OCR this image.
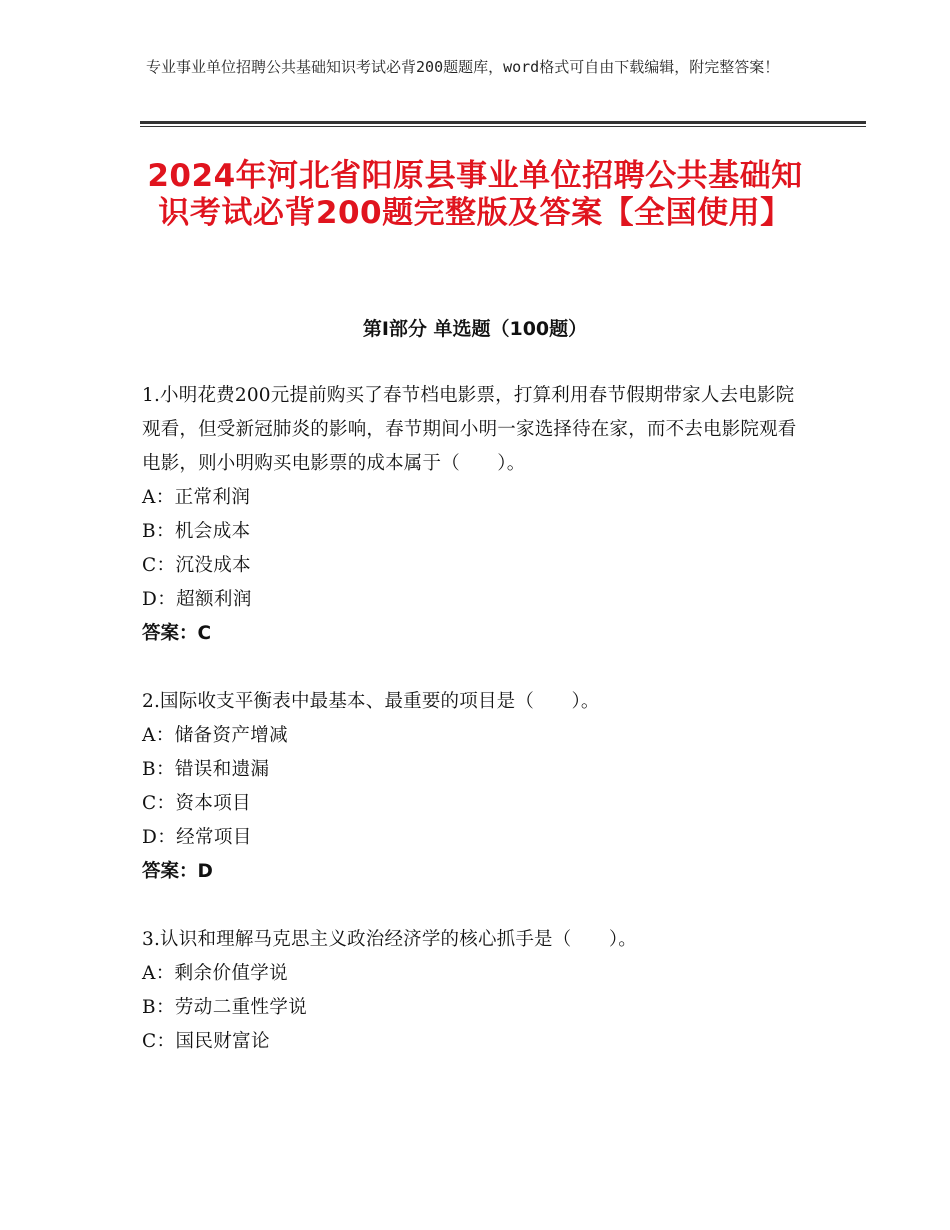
专业事业单位招聘公共基础知识考试必背200题题库，word格式可自由下载编辑，附完整答案！
2024年河北省阳原县事业单位招聘公共基础知识考试必背200题完整版及答案【全国使用】
第I部分 单选题（100题）
1.小明花费200元提前购买了春节档电影票，打算利用春节假期带家人去电影院观看，但受新冠肺炎的影响，春节期间小明一家选择待在家，而不去电影院观看电影，则小明购买电影票的成本属于（　　）。
A：正常利润
B：机会成本
C：沉没成本
D：超额利润
答案：C
2.国际收支平衡表中最基本、最重要的项目是（　　）。
A：储备资产增减
B：错误和遗漏
C：资本项目
D：经常项目
答案：D
3.认识和理解马克思主义政治经济学的核心抓手是（　　）。
A：剩余价值学说
B：劳动二重性学说
C：国民财富论
